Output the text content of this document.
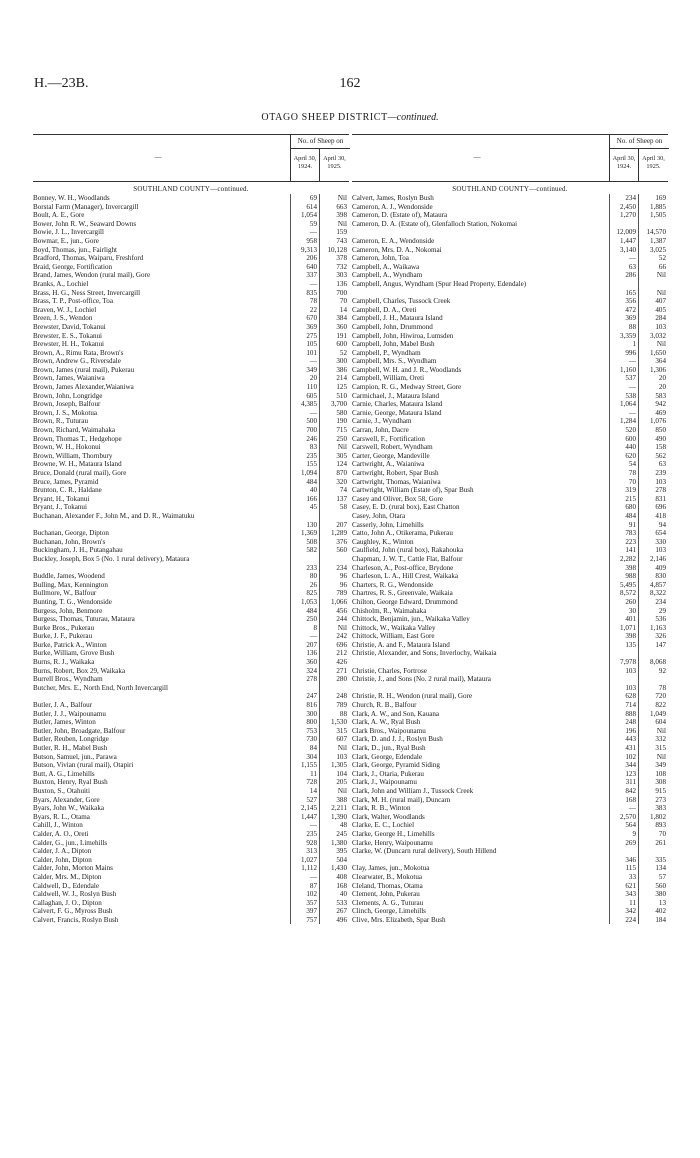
H.—23B.	162
OTAGO SHEEP DISTRICT—continued.
—
No. of Sheep on
April 30,
1924.
April 30,
1925.
SOUTHLAND COUNTY—continued.
Bonney, W. H., Woodlands	69	Nil
Borstal Farm (Manager), Invercargill	614	663
Boult, A. E., Gore	1,054	398
Bower, John R. W., Seaward Downs	59	Nil
Bowie, J. L., Invercargill	—	159
Bowmar, E., jun., Gore	958	743
Boyd, Thomas, jun., Fairlight	9,313	10,128
Bradford, Thomas, Waiparu, Freshford	206	378
Braid, George, Fortification	640	732
Brand, James, Wendon (rural mail), Gore	337	303
Branks, A., Lochiel	—	136
Brass, H. G., Ness Street, Invercargill	835	700
Brass, T. P., Post-office, Toa	78	70
Braven, W. J., Lochiel	22	14
Breen, J. S., Wendon	670	384
Brewster, David, Tokanui	369	360
Brewster, E. S., Tokanui	275	191
Brewster, H. H., Tokanui	105	600
Brown, A., Rimu Rata, Brown's	101	52
Brown, Andrew G., Riversdale	—	300
Brown, James (rural mail), Pukerau	349	386
Brown, James, Waianiwa	20	214
Brown, James Alexander,Waianiwa	110	125
Brown, John, Longridge	605	510
Brown, Joseph, Balfour	4,385	3,700
Brown, J. S., Mokotua	—	580
Brown, R., Tuturau	500	190
Brown, Richard, Waimahaka	700	715
Brown, Thomas T., Hedgehope	246	250
Brown, W. H., Hokonui	83	Nil
Brown, William, Thornbury	235	305
Browne, W. H., Mataura Island	155	124
Bruce, Donald (rural mail), Gore	1,094	870
Bruce, James, Pyramid	484	320
Brunton, C. R., Haldane	40	74
Bryant, H., Tokanui	166	137
Bryant, J., Tokanui	45	58
Buchanan, Alexander F., John M., and D. R., Waimatuku
130	207
Buchanan, George, Dipton	1,369	1,289
Buchanan, John, Brown's	508	376
Buckingham, J. H., Putangahau	582	560
Buckley, Joseph, Box 5 (No. 1 rural delivery), Mataura
233	234
Buddle, James, Woodend	80	96
Bulling, Max, Kennington	26	96
Bullmore, W., Balfour	825	789
Bunting, T. G., Wendonside	1,053	1,066
Burgess, John, Benmore	484	456
Burgess, Thomas, Tuturau, Mataura	250	244
Burke Bros., Pukerau	8	Nil
Burke, J. F., Pukerau	—	242
Burke, Patrick A., Winton	207	696
Burke, William, Grove Bush	136	212
Burns, R. J., Waikaka	360	426
Burns, Robert, Box 29, Waikaka	324	271
Burrell Bros., Wyndham	278	280
Butcher, Mrs. E., North End, North Invercargill
247	248
Butler, J. A., Balfour	816	789
Butler, J. J., Waipounamu	300	88
Butler, James, Winton	800	1,530
Butler, John, Broadgate, Balfour	753	315
Butler, Reuben, Longridge	730	607
Butler, R. H., Mabel Bush	84	Nil
Butson, Samuel, jun., Parawa	304	103
Butson, Vivian (rural mail), Otapiri	1,155	1,305
Butt, A. G., Limehills	11	104
Buxton, Henry, Ryal Bush	728	205
Buxton, S., Otahuiti	14	Nil
Byars, Alexander, Gore	527	388
Byars, John W., Waikaka	2,145	2,211
Byars, R. L., Otama	1,447	1,390
Cahill, J., Winton	—	48
Calder, A. O., Oreti	235	245
Calder, G., jun., Limehills	928	1,380
Calder, J. A., Dipton	313	395
Calder, John, Dipton	1,027	504
Calder, John, Morton Mains	1,112	1,430
Calder, Mrs. M., Dipton	—	408
Caldwell, D., Edendale	87	168
Caldwell, W. J., Roslyn Bush	102	40
Callaghan, J. O., Dipton	357	533
Calvert, F. G., Myross Bush	397	267
Calvert, Francis, Roslyn Bush	757	496
—
No. of Sheep on
April 30,
1924.
April 30,
1925.
SOUTHLAND COUNTY—continued.
Calvert, James, Roslyn Bush	234	169
Cameron, A. J., Wendonside	2,450	1,885
Cameron, D. (Estate of), Mataura	1,270	1,505
Cameron, D. A. (Estate of), Glenfalloch Station, Nokomai
12,009	14,570
Cameron, E. A., Wendonside	1,447	1,387
Cameron, Mrs. D. A., Nokomai	3,140	3,025
Cameron, John, Toa	—	52
Campbell, A., Waikawa	63	66
Campbell, A., Wyndham	286	Nil
Campbell, Angus, Wyndham (Spur Head Property, Edendale)
165	Nil
Campbell, Charles, Tussock Creek	356	407
Campbell, D. A., Oreti	472	405
Campbell, J. H., Mataura Island	369	284
Campbell, John, Drummond	88	103
Campbell, John, Hiwiroa, Lumsden	3,359	3,032
Campbell, John, Mabel Bush	1	Nil
Campbell, P., Wyndham	996	1,650
Campbell, Mrs. S., Wyndham	—	364
Campbell, W. H. and J. R., Woodlands	1,160	1,306
Campbell, William, Oreti	537	20
Campion, R. G., Medway Street, Gore	—	20
Carmichael, J., Mataura Island	538	583
Carnie, Charles, Mataura Island	1,064	942
Carnie, George, Mataura Island	—	469
Carnie, J., Wyndham	1,284	1,076
Carran, John, Dacre	520	850
Carswell, F., Fortification	600	490
Carswell, Robert, Wyndham	440	158
Carter, George, Mandeville	620	562
Cartwright, A., Waianiwa	54	63
Cartwright, Robert, Spar Bush	78	239
Cartwright, Thomas, Waianiwa	70	103
Cartwright, William (Estate of), Spar Bush	319	278
Casey and Oliver, Box 58, Gore	215	831
Casey, E. D. (rural box), East Chatton	680	696
Casey, John, Otara	484	418
Casserly, John, Limehills	91	94
Catto, John A., Otikerama, Pukerau	783	654
Caughley, K., Winton	223	330
Caulfield, John (rural box), Rakahouka	141	103
Chapman, J. W. T., Cattle Flat, Balfour	2,282	2,146
Charleson, A., Post-office, Brydone	398	409
Charleson, L. A., Hill Crest, Waikaka	988	830
Charters, R. G., Wendonside	5,495	4,857
Chartres, R. S., Greenvale, Waikaia	8,572	8,322
Chilton, George Edward, Drummond	260	234
Chisholm, R., Waimahaka	30	29
Chittock, Benjamin, jun., Waikaka Valley	401	536
Chittock, W., Waikaka Valley	1,071	1,163
Chittock, William, East Gore	398	326
Christie, A. and F., Mataura Island	135	147
Christie, Alexander, and Sons, Inverlochy, Waikaia
7,978	8,068
Christie, Charles, Fortrose	103	92
Christie, J., and Sons (No. 2 rural mail), Mataura
103	78
Christie, R. H., Wendon (rural mail), Gore	628	720
Church, R. B., Balfour	714	822
Clark, A. W., and Son, Kauana	888	1,049
Clark, A. W., Ryal Bush	248	604
Clark Bros., Waipounamu	196	Nil
Clark, D. and J. J., Roslyn Bush	443	332
Clark, D., jun., Ryal Bush	431	315
Clark, George, Edendale	102	Nil
Clark, George, Pyramid Siding	344	349
Clark, J., Otaria, Pukerau	123	108
Clark, J., Waipounamu	311	308
Clark, John and William J., Tussock Creek	842	915
Clark, M. H. (rural mail), Duncarn	168	273
Clark, R. B., Winton	—	383
Clark, Walter, Woodlands	2,570	1,802
Clarke, E. C., Lochiel	564	893
Clarke, George H., Limehills	9	70
Clarke, Henry, Waipounamu	269	261
Clarke, W. (Duncarn rural delivery), South Hillend
346	335
Clay, James, jun., Mokotua	115	134
Clearwater, B., Mokotua	33	57
Cleland, Thomas, Otama	621	560
Clement, John, Pukerau	343	380
Clements, A. G., Tuturau	11	13
Clinch, George, Limehills	342	402
Clive, Mrs. Elizabeth, Spar Bush	224	184
